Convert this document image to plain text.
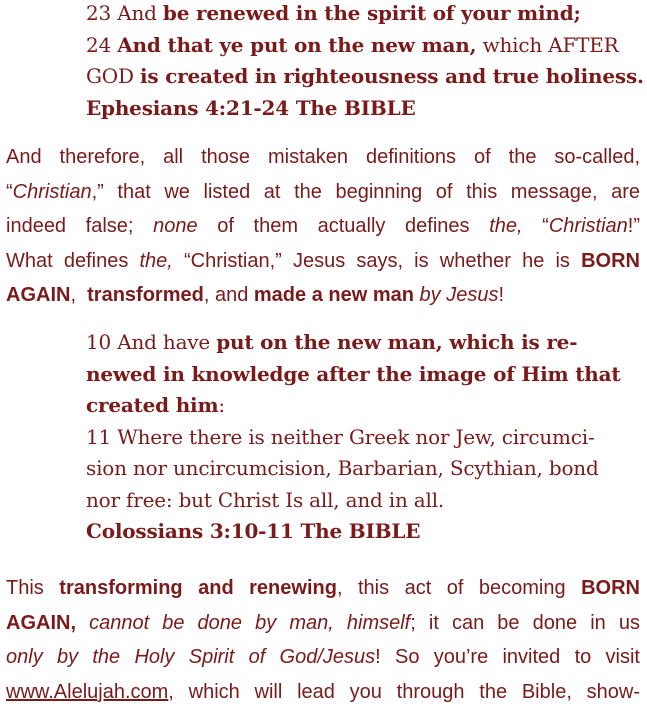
23 And be renewed in the spirit of your mind;
24 And that ye put on the new man, which AFTER
GOD is created in righteousness and true holiness.
Ephesians 4:21-24 The BIBLE
And therefore, all those mistaken definitions of the so-called,
“Christian,” that we listed at the beginning of this message, are
indeed false; none of them actually defines the, “Christian!”
What defines the, “Christian,” Jesus says, is whether he is BORN
AGAIN, transformed, and made a new man by Jesus!
10 And have put on the new man, which is re-
newed in knowledge after the image of Him that
created him:
11 Where there is neither Greek nor Jew, circumci-
sion nor uncircumcision, Barbarian, Scythian, bond
nor free: but Christ Is all, and in all.
Colossians 3:10-11 The BIBLE
This transforming and renewing, this act of becoming BORN
AGAIN, cannot be done by man, himself; it can be done in us
only by the Holy Spirit of God/Jesus! So you’re invited to visit
www.Alelujah.com, which will lead you through the Bible, show-
